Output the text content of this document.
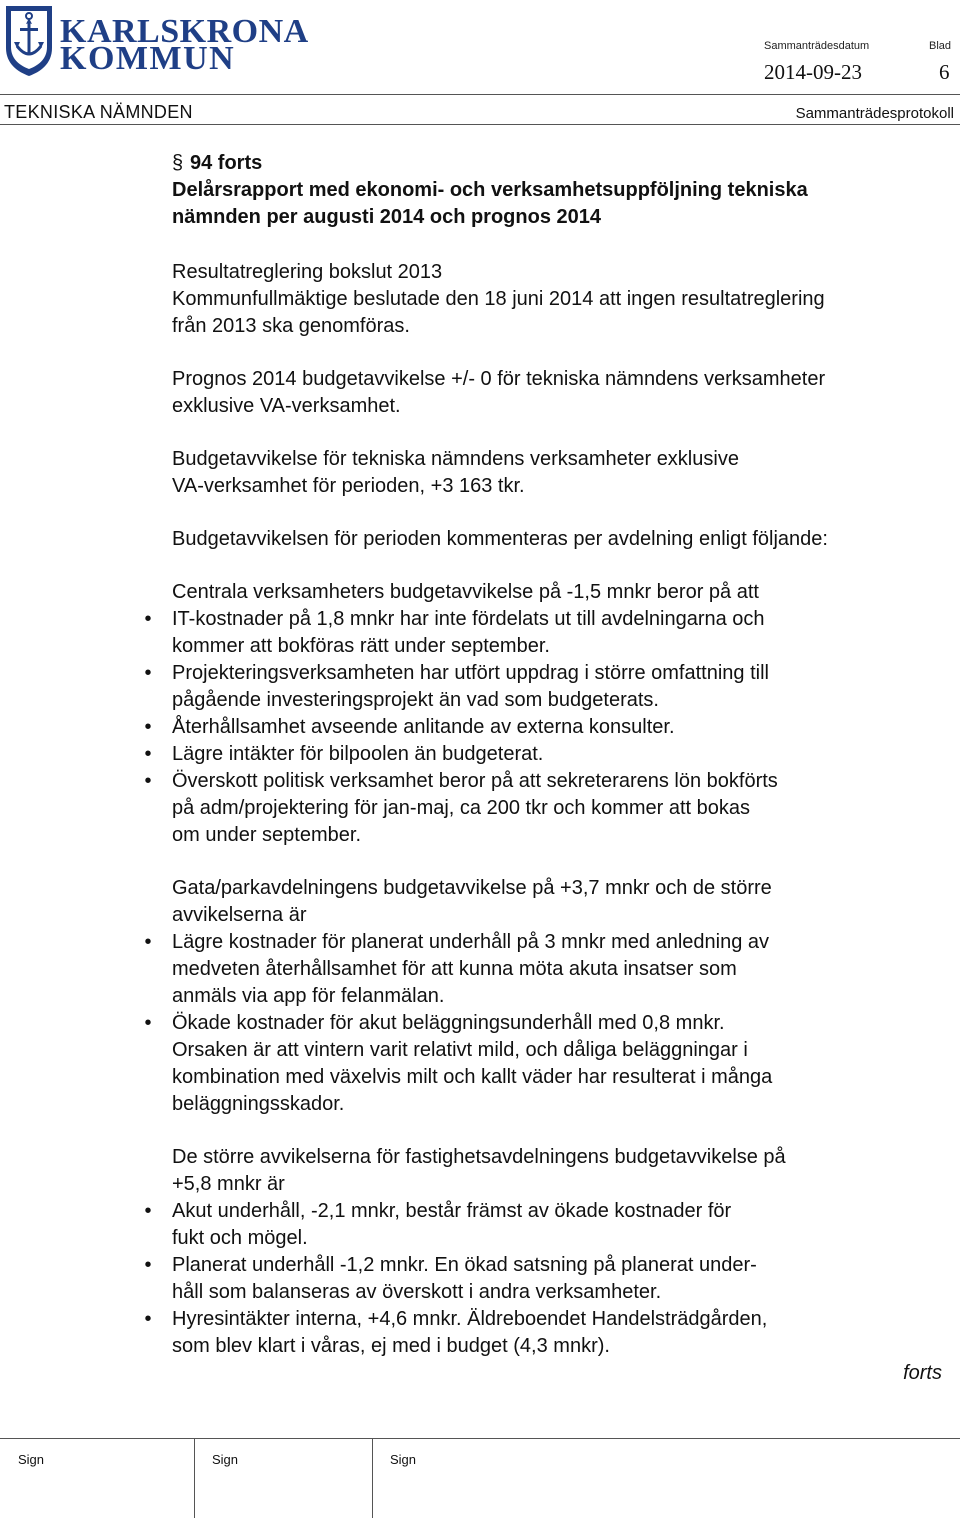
KARLSKRONA
KOMMUN	Sammanträdesdatum	Blad
2014-09-23	6
TEKNISKA NÄMNDEN	Sammanträdesprotokoll

§ 94 forts

Delårsrapport med ekonomi- och verksamhetsuppföljning tekniska

nämnden per augusti 2014 och prognos 2014

Resultatreglering bokslut 2013

Kommunfullmäktige beslutade den 18 juni 2014 att ingen resultatreglering

från 2013 ska genomföras.

Prognos 2014 budgetavvikelse +/- 0 för tekniska nämndens verksamheter

exklusive VA-verksamhet.

Budgetavvikelse för tekniska nämndens verksamheter exklusive

VA-verksamhet för perioden, +3 163 tkr.

Budgetavvikelsen för perioden kommenteras per avdelning enligt följande:

Centrala verksamheters budgetavvikelse på -1,5 mnkr beror på att

•	IT-kostnader på 1,8 mnkr har inte fördelats ut till avdelningarna och
kommer att bokföras rätt under september.
•	Projekteringsverksamheten har utfört uppdrag i större omfattning till
pågående investeringsprojekt än vad som budgeterats.
•	Återhållsamhet avseende anlitande av externa konsulter.
•	Lägre intäkter för bilpoolen än budgeterat.
•	Överskott politisk verksamhet beror på att sekreterarens lön bokförts
på adm/projektering för jan-maj, ca 200 tkr och kommer att bokas
om under september.

Gata/parkavdelningens budgetavvikelse på +3,7 mnkr och de större

avvikelserna är

•	Lägre kostnader för planerat underhåll på 3 mnkr med anledning av
medveten återhållsamhet för att kunna möta akuta insatser som
anmäls via app för felanmälan.
•	Ökade kostnader för akut beläggningsunderhåll med 0,8 mnkr.
Orsaken är att vintern varit relativt mild, och dåliga beläggningar i
kombination med växelvis milt och kallt väder har resulterat i många
beläggningsskador.

De större avvikelserna för fastighetsavdelningens budgetavvikelse på

+5,8 mnkr är

•	Akut underhåll, -2,1 mnkr, består främst av ökade kostnader för
fukt och mögel.
•	Planerat underhåll -1,2 mnkr. En ökad satsning på planerat under-
håll som balanseras av överskott i andra verksamheter.
•	Hyresintäkter interna, +4,6 mnkr. Äldreboendet Handelsträdgården,
som blev klart i våras, ej med i budget (4,3 mnkr).

forts

Sign	Sign	Sign
